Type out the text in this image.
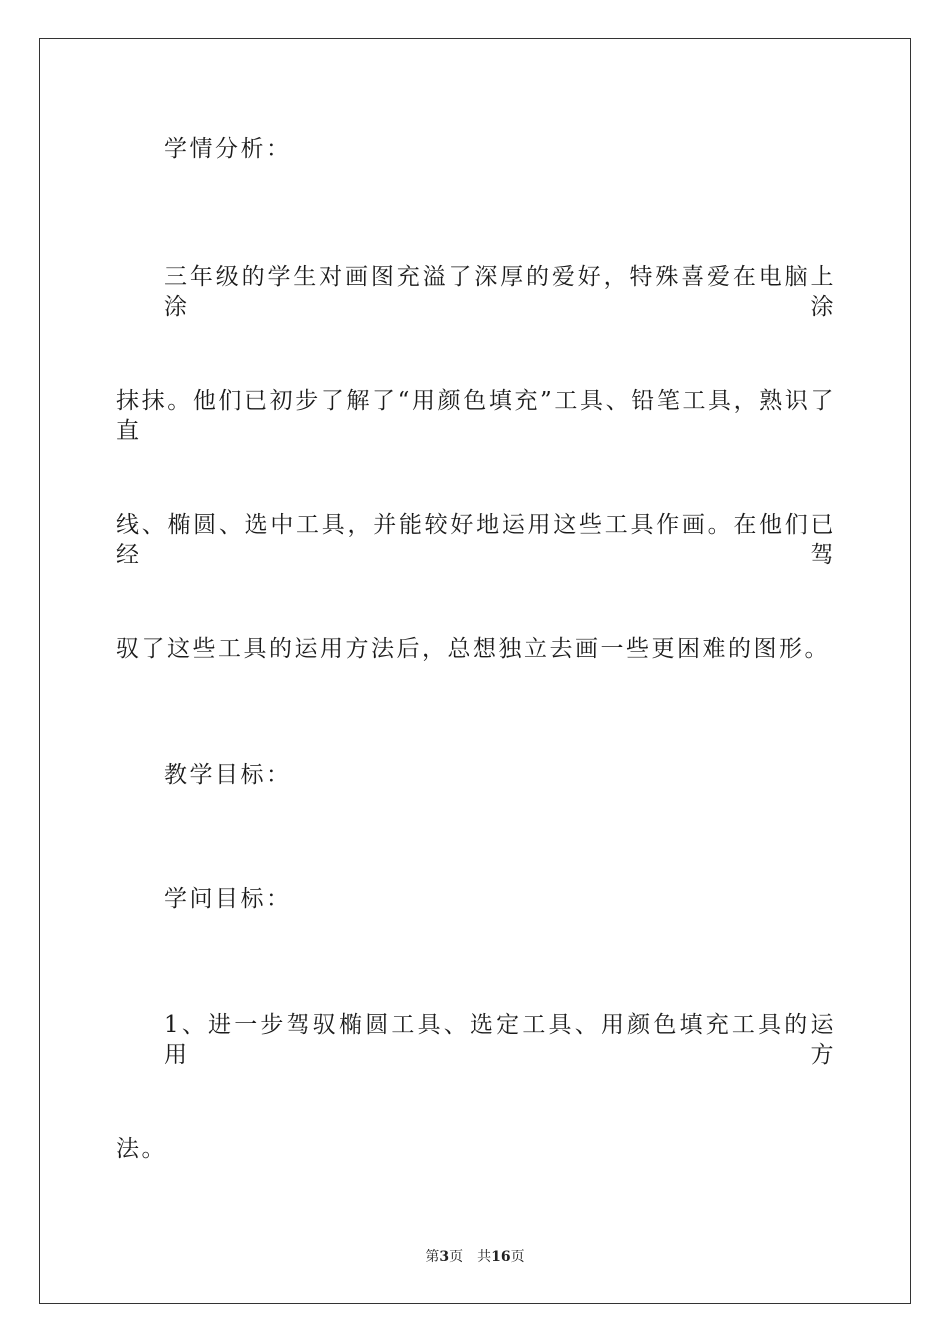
学情分析：
三年级的学生对画图充溢了深厚的爱好，特殊喜爱在电脑上涂涂
抹抹。他们已初步了解了“用颜色填充”工具、铅笔工具，熟识了直
线、椭圆、选中工具，并能较好地运用这些工具作画。在他们已经驾
驭了这些工具的运用方法后，总想独立去画一些更困难的图形。
教学目标：
学问目标：
1、进一步驾驭椭圆工具、选定工具、用颜色填充工具的运用方
法。
第3页 共16页
